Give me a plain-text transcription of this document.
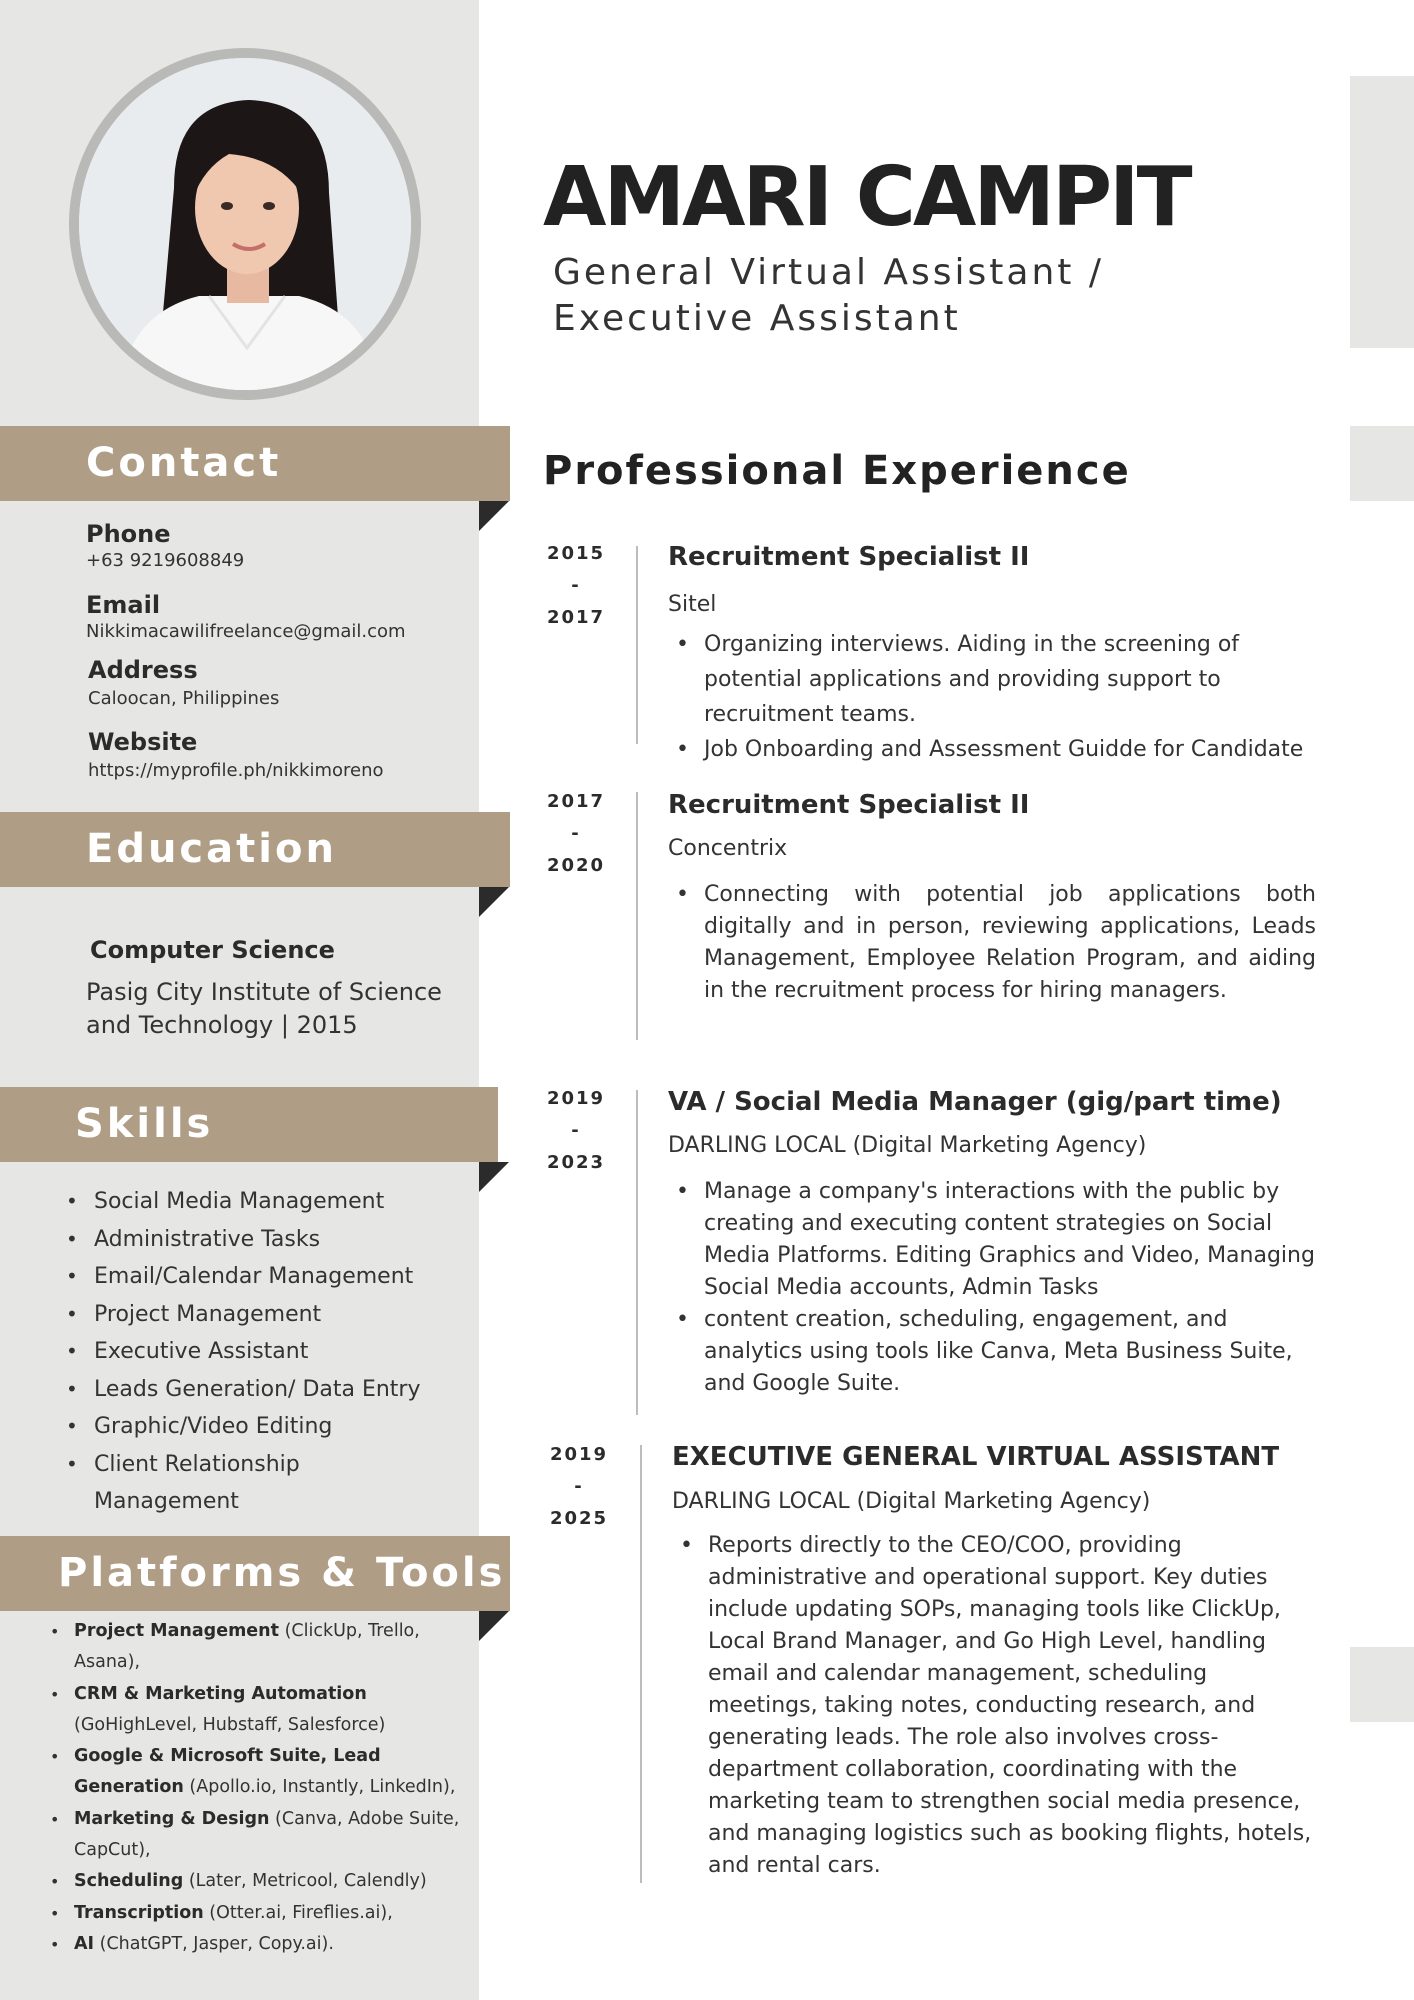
Contact
Phone
+63 9219608849
Email
Nikkimacawilifreelance@gmail.com
Address
Caloocan, Philippines
Website
https://myprofile.ph/nikkimoreno
Education
Computer Science
Pasig City Institute of Science and Technology | 2015
Skills
• Social Media Management
• Administrative Tasks
• Email/Calendar Management
• Project Management
• Executive Assistant
• Leads Generation/ Data Entry
• Graphic/Video Editing
• Client Relationship Management
Platforms & Tools
• Project Management (ClickUp, Trello, Asana),
• CRM & Marketing Automation (GoHighLevel, Hubstaff, Salesforce)
• Google & Microsoft Suite, Lead Generation (Apollo.io, Instantly, LinkedIn),
• Marketing & Design (Canva, Adobe Suite, CapCut),
• Scheduling (Later, Metricool, Calendly)
• Transcription (Otter.ai, Fireflies.ai),
• AI (ChatGPT, Jasper, Copy.ai).
AMARI CAMPIT
General Virtual Assistant / Executive Assistant
Professional Experience
2015
-
2017
Recruitment Specialist II
Sitel
• Organizing interviews. Aiding in the screening of potential applications and providing support to recruitment teams.
• Job Onboarding and Assessment Guidde for Candidate
2017
-
2020
Recruitment Specialist II
Concentrix
• Connecting with potential job applications both digitally and in person, reviewing applications, Leads Management, Employee Relation Program, and aiding in the recruitment process for hiring managers.
2019
-
2023
VA / Social Media Manager (gig/part time)
DARLING LOCAL (Digital Marketing Agency)
• Manage a company's interactions with the public by creating and executing content strategies on Social Media Platforms. Editing Graphics and Video, Managing Social Media accounts, Admin Tasks
• content creation, scheduling, engagement, and analytics using tools like Canva, Meta Business Suite, and Google Suite.
2019
-
2025
EXECUTIVE GENERAL VIRTUAL ASSISTANT
DARLING LOCAL (Digital Marketing Agency)
• Reports directly to the CEO/COO, providing administrative and operational support. Key duties include updating SOPs, managing tools like ClickUp, Local Brand Manager, and Go High Level, handling email and calendar management, scheduling meetings, taking notes, conducting research, and generating leads. The role also involves cross-department collaboration, coordinating with the marketing team to strengthen social media presence, and managing logistics such as booking flights, hotels, and rental cars.
